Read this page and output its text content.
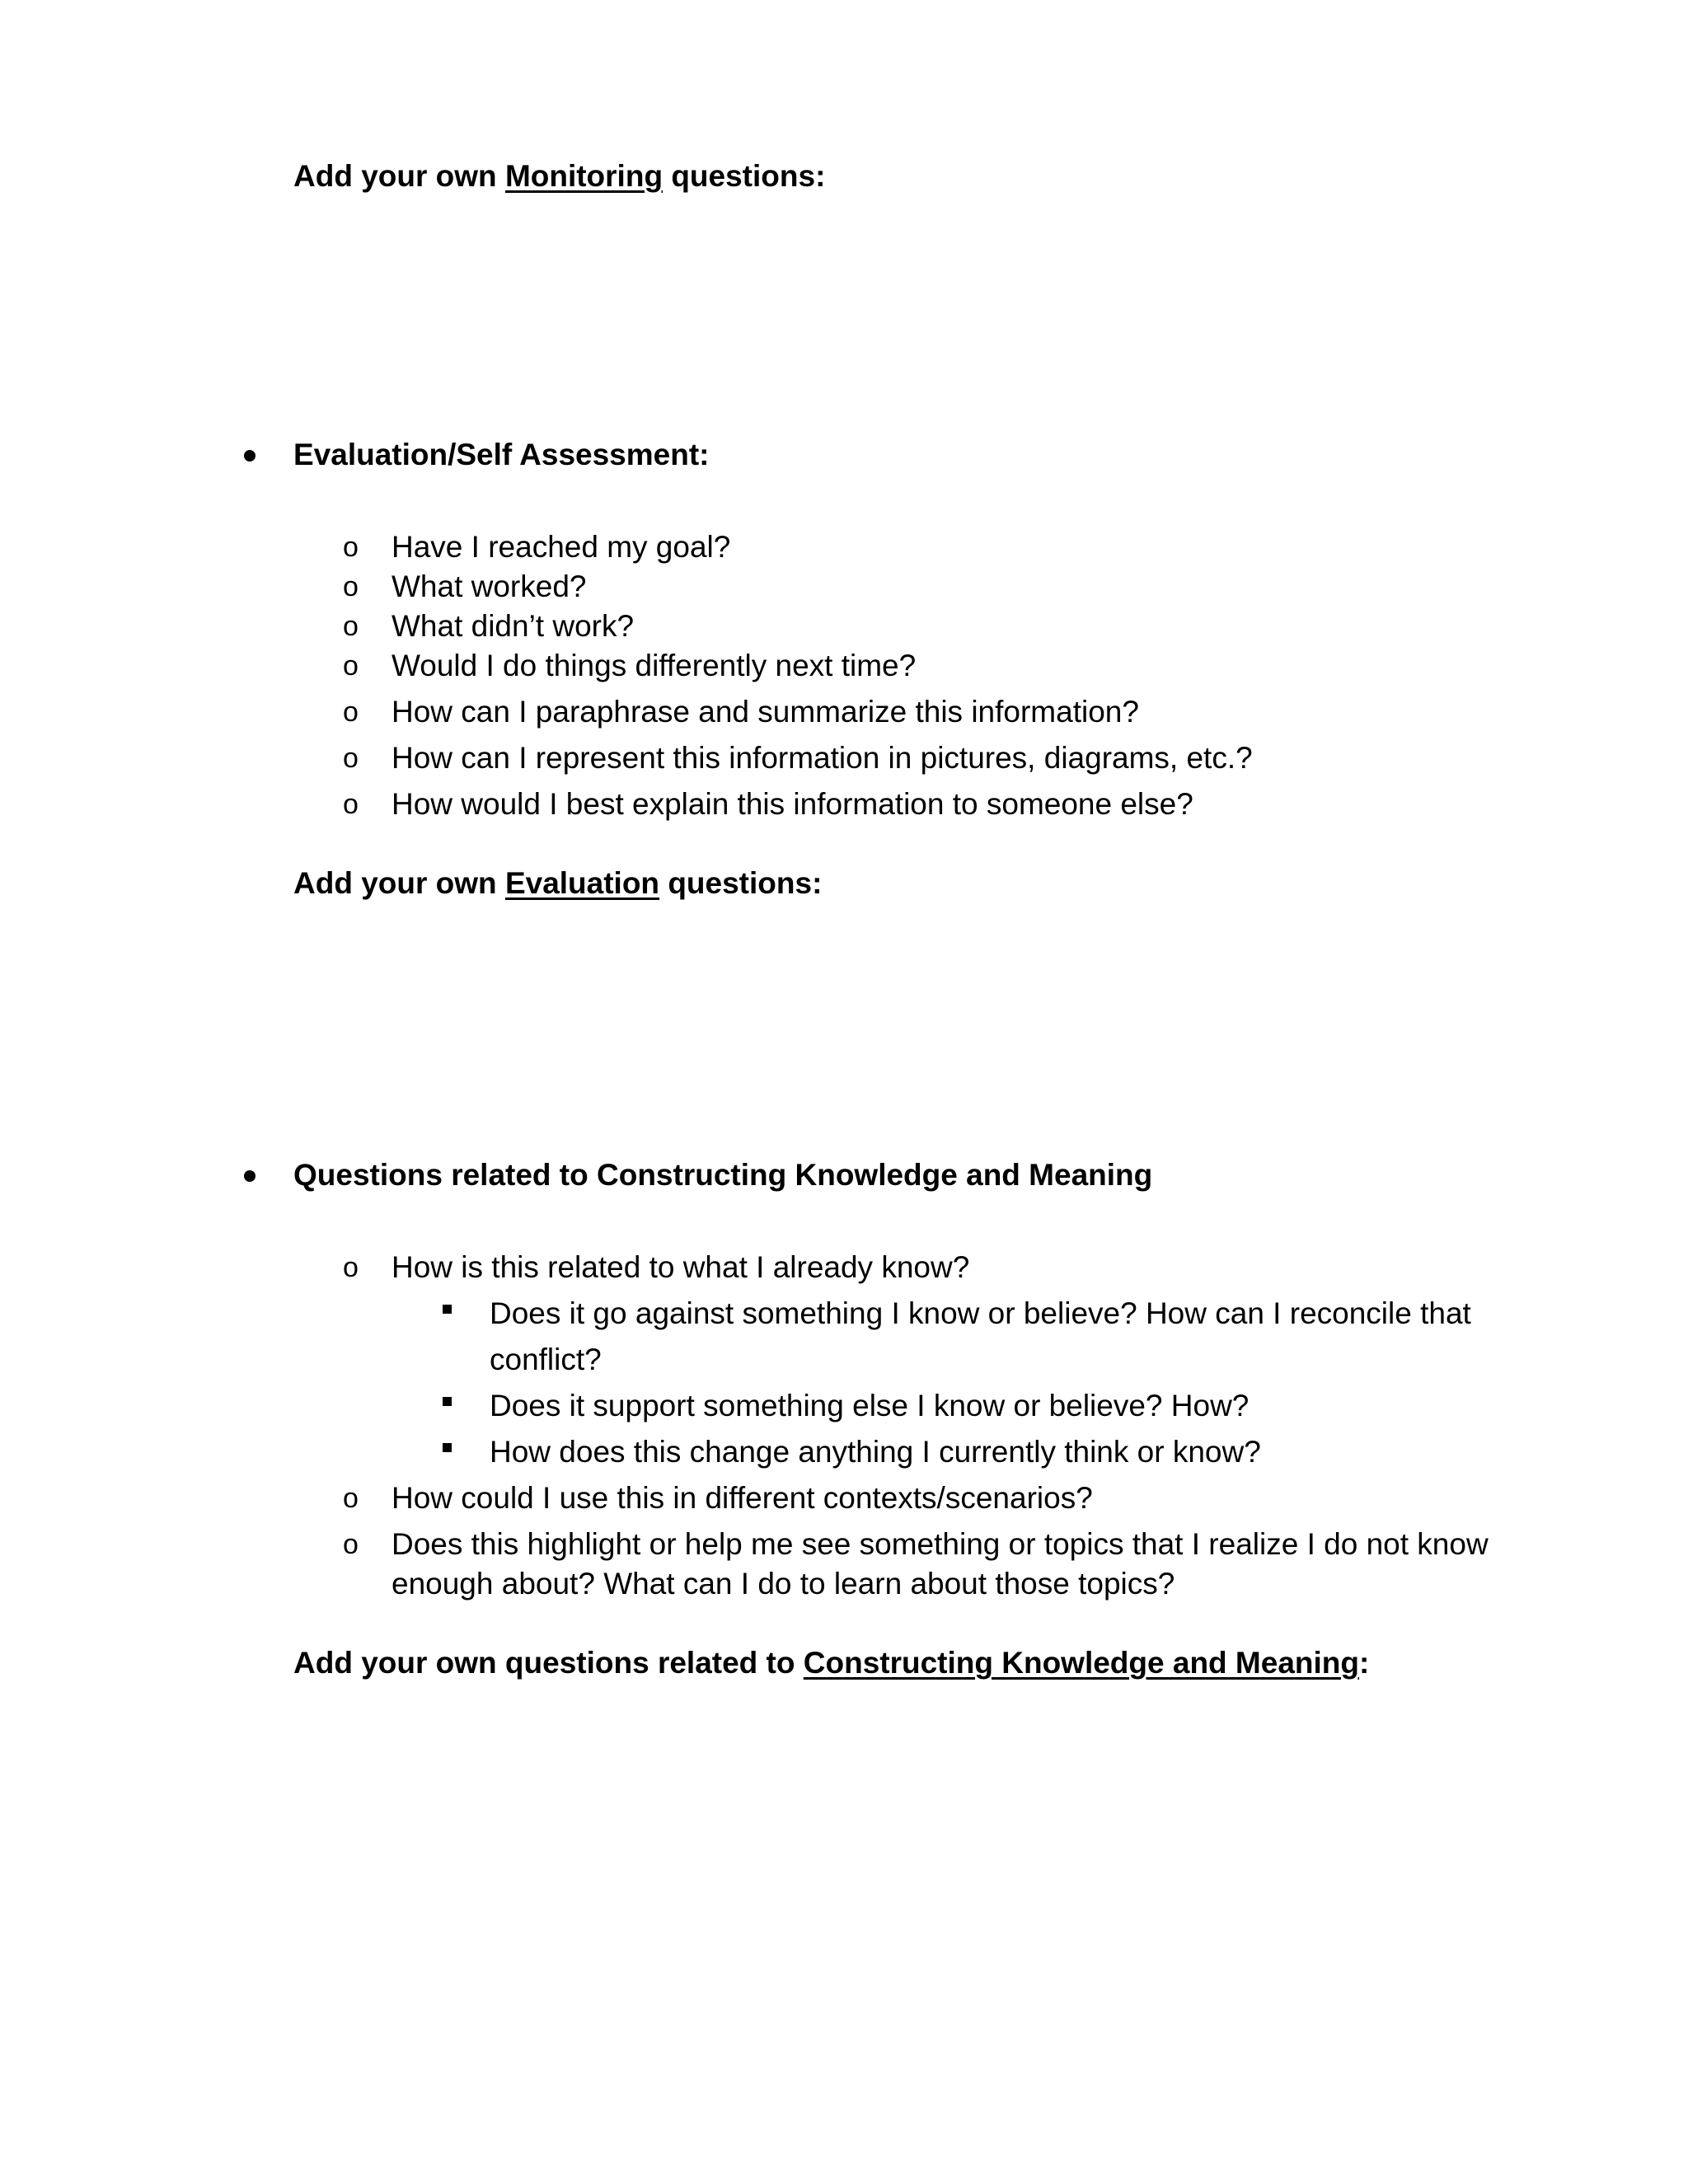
Add your own Monitoring questions:
Evaluation/Self Assessment:
o Have I reached my goal?
o What worked?
o What didn’t work?
o Would I do things differently next time?
o How can I paraphrase and summarize this information?
o How can I represent this information in pictures, diagrams, etc.?
o How would I best explain this information to someone else?
Add your own Evaluation questions:
Questions related to Constructing Knowledge and Meaning
o How is this related to what I already know?
Does it go against something I know or believe? How can I reconcile that
conflict?
Does it support something else I know or believe? How?
How does this change anything I currently think or know?
o How could I use this in different contexts/scenarios?
o Does this highlight or help me see something or topics that I realize I do not know
enough about? What can I do to learn about those topics?
Add your own questions related to Constructing Knowledge and Meaning:
